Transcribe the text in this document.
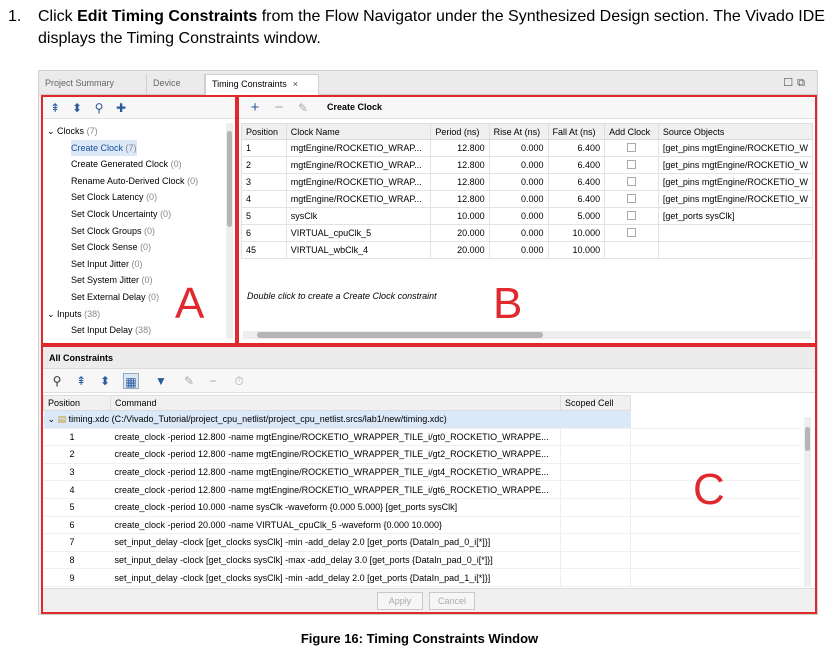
1. Click Edit Timing Constraints from the Flow Navigator under the Synthesized Design section. The Vivado IDE displays the Timing Constraints window.
Project Summary	Device	Timing Constraints ×	☐⧉
⇞ ⬍ ⚲	✚
⌄ Clocks (7)
Create Clock (7)
Create Generated Clock (0)
Rename Auto-Derived Clock (0)
Set Clock Latency (0)
Set Clock Uncertainty (0)
Set Clock Groups (0)
Set Clock Sense (0)
Set Input Jitter (0)
Set System Jitter (0)
Set External Delay (0)
⌄ Inputs (38)
Set Input Delay (38)
+ −	✎	Create Clock
Position	Clock Name	Period (ns)	Rise At (ns)	Fall At (ns)	Add Clock	Source Objects
1	mgtEngine/ROCKETIO_WRAP...	12.800	0.000	6.400		[get_pins mgtEngine/ROCKETIO_W
2	mgtEngine/ROCKETIO_WRAP...	12.800	0.000	6.400		[get_pins mgtEngine/ROCKETIO_W
3	mgtEngine/ROCKETIO_WRAP...	12.800	0.000	6.400		[get_pins mgtEngine/ROCKETIO_W
4	mgtEngine/ROCKETIO_WRAP...	12.800	0.000	6.400		[get_pins mgtEngine/ROCKETIO_W
5	sysClk	10.000	0.000	5.000		[get_ports sysClk]
6	VIRTUAL_cpuClk_5	20.000	0.000	10.000		
45	VIRTUAL_wbClk_4	20.000	0.000	10.000		
Double click to create a Create Clock constraint
All Constraints
⚲	⇞ ⬍ ▦ ▼ ✎	−	⏱
Position	Command	Scoped Cell	
⌄ ▤ timing.xdc (C:/Vivado_Tutorial/project_cpu_netlist/project_cpu_netlist.srcs/lab1/new/timing.xdc)			
1	create_clock -period 12.800 -name mgtEngine/ROCKETIO_WRAPPER_TILE_i/gt0_ROCKETIO_WRAPPE...		
2	create_clock -period 12.800 -name mgtEngine/ROCKETIO_WRAPPER_TILE_i/gt2_ROCKETIO_WRAPPE...		
3	create_clock -period 12.800 -name mgtEngine/ROCKETIO_WRAPPER_TILE_i/gt4_ROCKETIO_WRAPPE...		
4	create_clock -period 12.800 -name mgtEngine/ROCKETIO_WRAPPER_TILE_i/gt6_ROCKETIO_WRAPPE...		
5	create_clock -period 10.000 -name sysClk -waveform {0.000 5.000} [get_ports sysClk]		
6	create_clock -period 20.000 -name VIRTUAL_cpuClk_5 -waveform {0.000 10.000}		
7	set_input_delay -clock [get_clocks sysClk] -min -add_delay 2.0 [get_ports {DataIn_pad_0_i[*]}]		
8	set_input_delay -clock [get_clocks sysClk] -max -add_delay 3.0 [get_ports {DataIn_pad_0_i[*]}]		
9	set_input_delay -clock [get_clocks sysClk] -min -add_delay 2.0 [get_ports {DataIn_pad_1_i[*]}]		
Apply	Cancel
A	B
C
Figure 16: Timing Constraints Window
